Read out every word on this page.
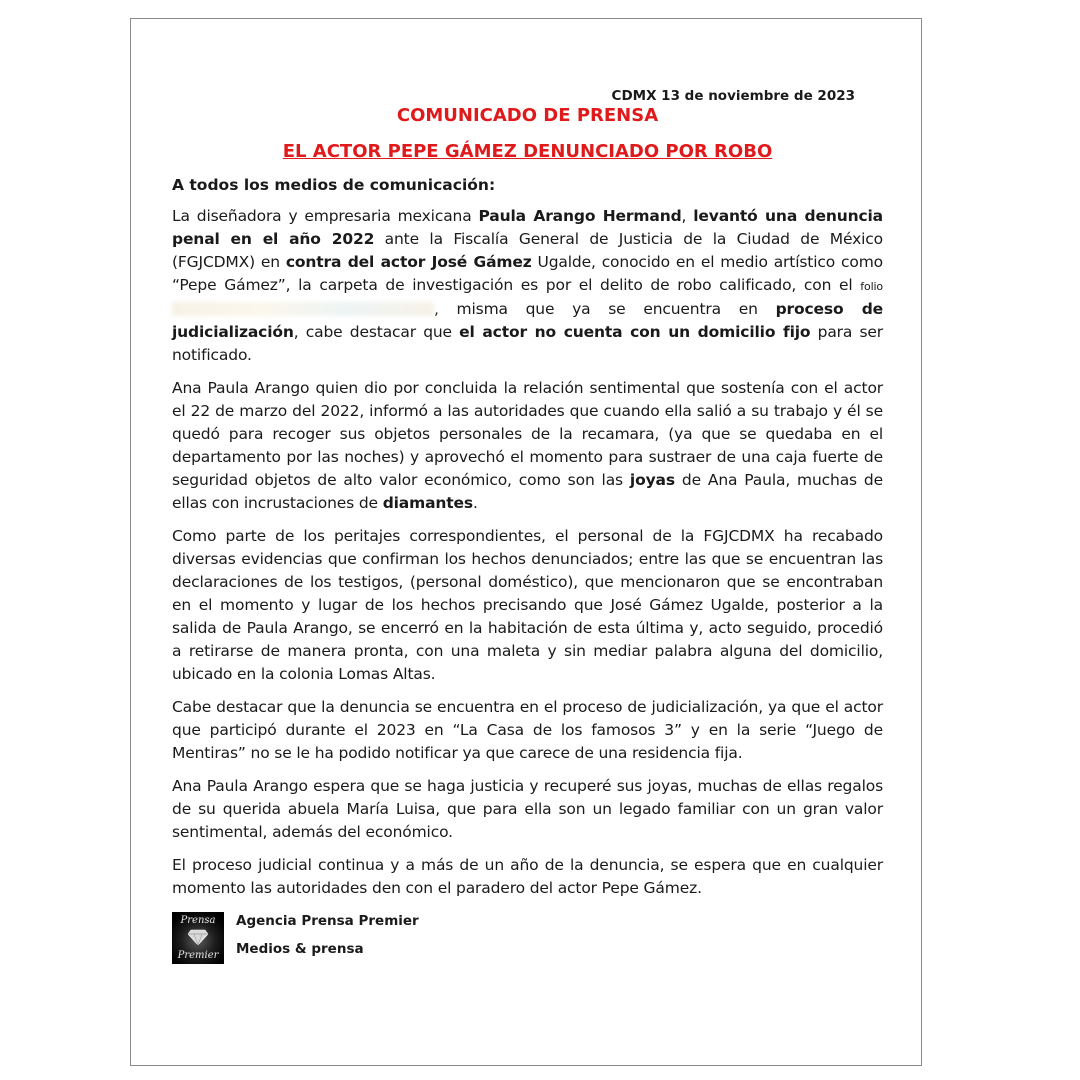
CDMX 13 de noviembre de 2023
COMUNICADO DE PRENSA
EL ACTOR PEPE GÁMEZ DENUNCIADO POR ROBO
A todos los medios de comunicación:

La diseñadora y empresaria mexicana Paula Arango Hermand, levantó una denuncia penal en el año 2022 ante la Fiscalía General de Justicia de la Ciudad de México (FGJCDMX) en contra del actor José Gámez Ugalde, conocido en el medio artístico como “Pepe Gámez”, la carpeta de investigación es por el delito de robo calificado, con el folio, misma que ya se encuentra en proceso de judicialización, cabe destacar que el actor no cuenta con un domicilio fijo para ser notificado.

Ana Paula Arango quien dio por concluida la relación sentimental que sostenía con el actor el 22 de marzo del 2022, informó a las autoridades que cuando ella salió a su trabajo y él se quedó para recoger sus objetos personales de la recamara, (ya que se quedaba en el departamento por las noches) y aprovechó el momento para sustraer de una caja fuerte de seguridad objetos de alto valor económico, como son las joyas de Ana Paula, muchas de ellas con incrustaciones de diamantes.

Como parte de los peritajes correspondientes, el personal de la FGJCDMX ha recabado diversas evidencias que confirman los hechos denunciados; entre las que se encuentran las declaraciones de los testigos, (personal doméstico), que mencionaron que se encontraban en el momento y lugar de los hechos precisando que José Gámez Ugalde, posterior a la salida de Paula Arango, se encerró en la habitación de esta última y, acto seguido, procedió a retirarse de manera pronta, con una maleta y sin mediar palabra alguna del domicilio, ubicado en la colonia Lomas Altas.

Cabe destacar que la denuncia se encuentra en el proceso de judicialización, ya que el actor que participó durante el 2023 en “La Casa de los famosos 3” y en la serie “Juego de Mentiras” no se le ha podido notificar ya que carece de una residencia fija.

Ana Paula Arango espera que se haga justicia y recuperé sus joyas, muchas de ellas regalos de su querida abuela María Luisa, que para ella son un legado familiar con un gran valor sentimental, además del económico.

El proceso judicial continua y a más de un año de la denuncia, se espera que en cualquier momento las autoridades den con el paradero del actor Pepe Gámez.

Prensa
Premier
Agencia Prensa Premier
Medios & prensa
